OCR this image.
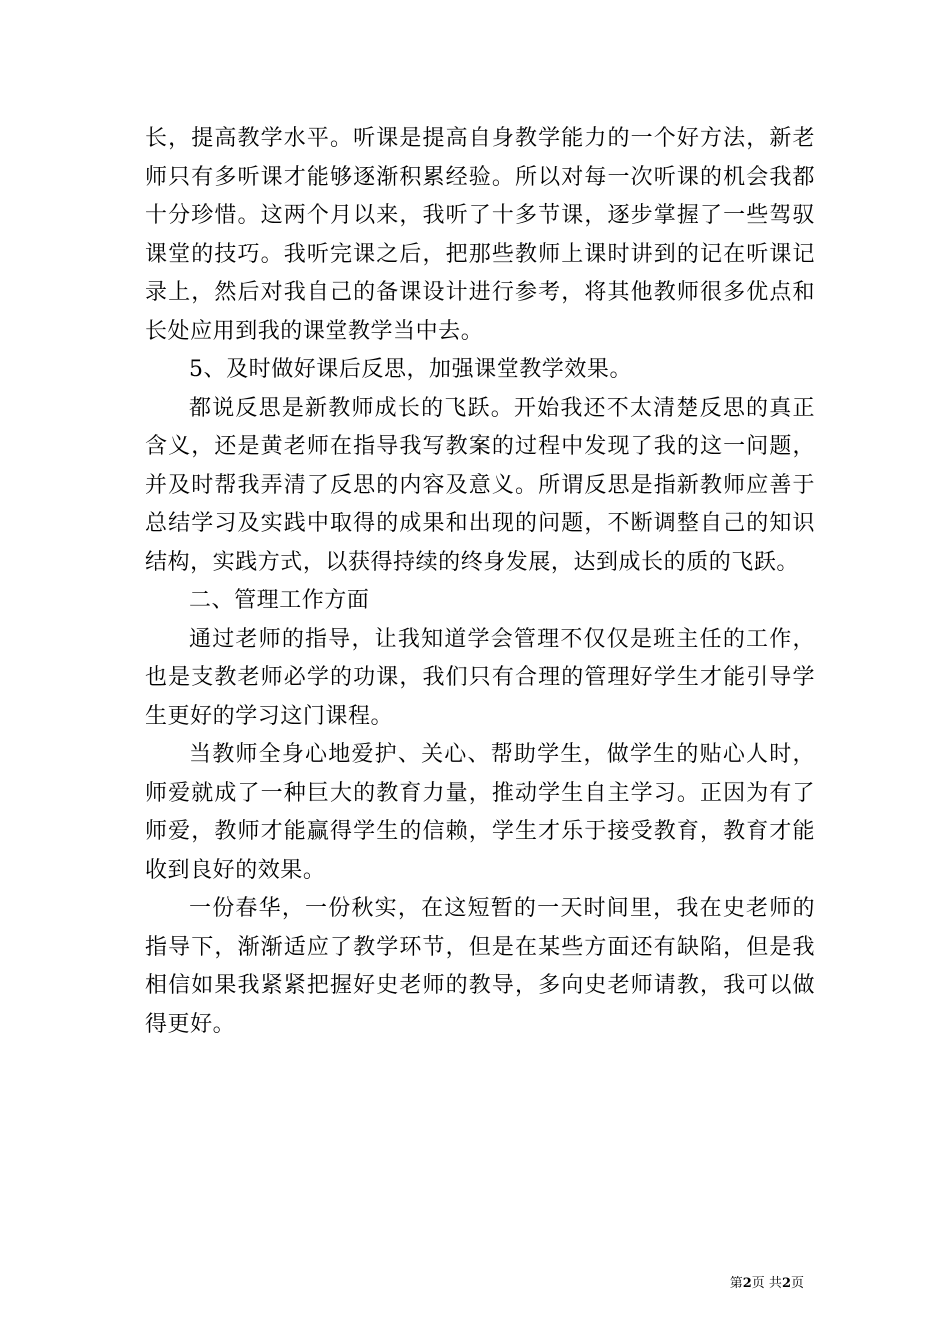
长，提高教学水平。听课是提高自身教学能力的一个好方法，新老师只有多听课才能够逐渐积累经验。所以对每一次听课的机会我都十分珍惜。这两个月以来，我听了十多节课，逐步掌握了一些驾驭课堂的技巧。我听完课之后，把那些教师上课时讲到的记在听课记录上，然后对我自己的备课设计进行参考，将其他教师很多优点和长处应用到我的课堂教学当中去。

5、及时做好课后反思，加强课堂教学效果。

都说反思是新教师成长的飞跃。开始我还不太清楚反思的真正含义，还是黄老师在指导我写教案的过程中发现了我的这一问题，并及时帮我弄清了反思的内容及意义。所谓反思是指新教师应善于总结学习及实践中取得的成果和出现的问题，不断调整自己的知识结构，实践方式，以获得持续的终身发展，达到成长的质的飞跃。

二、管理工作方面

通过老师的指导，让我知道学会管理不仅仅是班主任的工作，也是支教老师必学的功课，我们只有合理的管理好学生才能引导学生更好的学习这门课程。

当教师全身心地爱护、关心、帮助学生，做学生的贴心人时，师爱就成了一种巨大的教育力量，推动学生自主学习。正因为有了师爱，教师才能赢得学生的信赖，学生才乐于接受教育，教育才能收到良好的效果。

一份春华，一份秋实，在这短暂的一天时间里，我在史老师的指导下，渐渐适应了教学环节，但是在某些方面还有缺陷，但是我相信如果我紧紧把握好史老师的教导，多向史老师请教，我可以做得更好。

第2页 共2页
